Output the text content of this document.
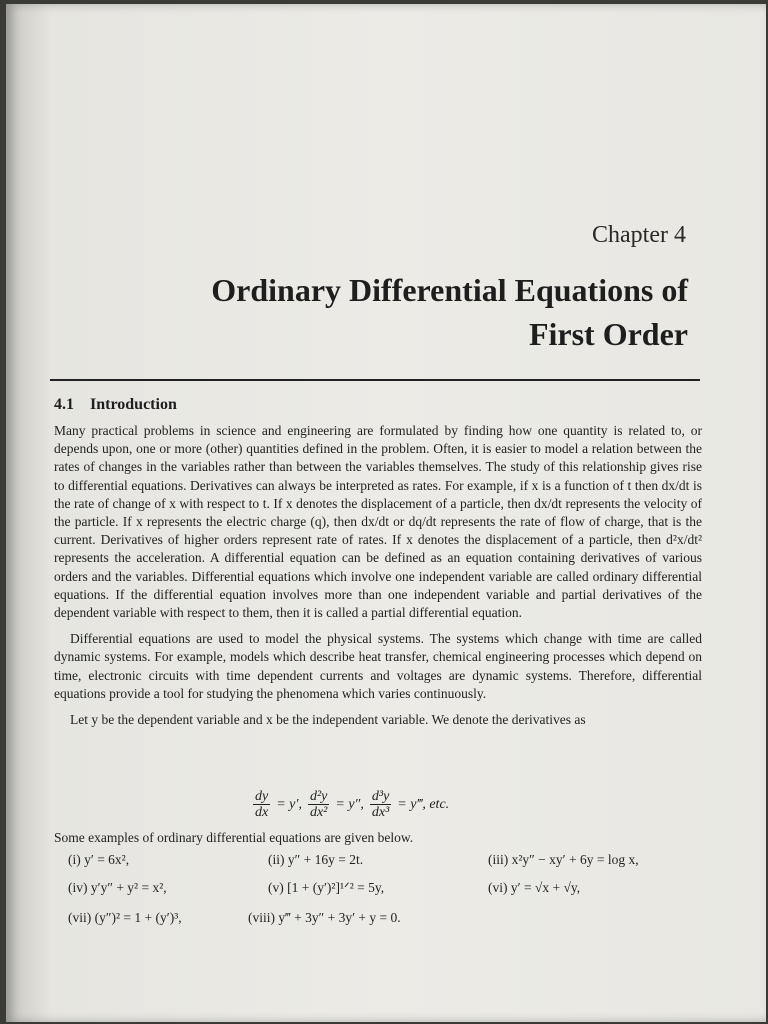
Chapter 4
Ordinary Differential Equations of
First Order
4.1 Introduction

Many practical problems in science and engineering are formulated by finding how one quantity is related to, or depends upon, one or more (other) quantities defined in the problem. Often, it is easier to model a relation between the rates of changes in the variables rather than between the variables themselves. The study of this relationship gives rise to differential equations. Derivatives can always be interpreted as rates. For example, if x is a function of t then dx/dt is the rate of change of x with respect to t. If x denotes the displacement of a particle, then dx/dt represents the velocity of the particle. If x represents the electric charge (q), then dx/dt or dq/dt represents the rate of flow of charge, that is the current. Derivatives of higher orders represent rate of rates. If x denotes the displacement of a particle, then d²x/dt² represents the acceleration. A differential equation can be defined as an equation containing derivatives of various orders and the variables. Differential equations which involve one independent variable are called ordinary differential equations. If the differential equation involves more than one independent variable and partial derivatives of the dependent variable with respect to them, then it is called a partial differential equation.

Differential equations are used to model the physical systems. The systems which change with time are called dynamic systems. For example, models which describe heat transfer, chemical engineering processes which depend on time, electronic circuits with time dependent currents and voltages are dynamic systems. Therefore, differential equations provide a tool for studying the phenomena which varies continuously.

Let y be the dependent variable and x be the independent variable. We denote the derivatives as

$\frac{dy}{dx} = y'$, $\frac{\text{d²y}}{\text{dx²}} = y''$, $\frac{\text{d³y}}{\text{dx³}}$ = y‴, etc.
Some examples of ordinary differential equations are given below.
(i) y′ = 6x²,	(ii) y″ + 16y = 2t.	(iii) x²y″ − xy′ + 6y = log x,
(iv) y′y″ + y² = x²,	(v) [1 + (y′)²]¹ᐟ² = 5y,	(vi) y′ = √x + √y,
(vii) (y″)² = 1 + (y′)³,	(viii) y‴ + 3y″ + 3y′ + y = 0.
